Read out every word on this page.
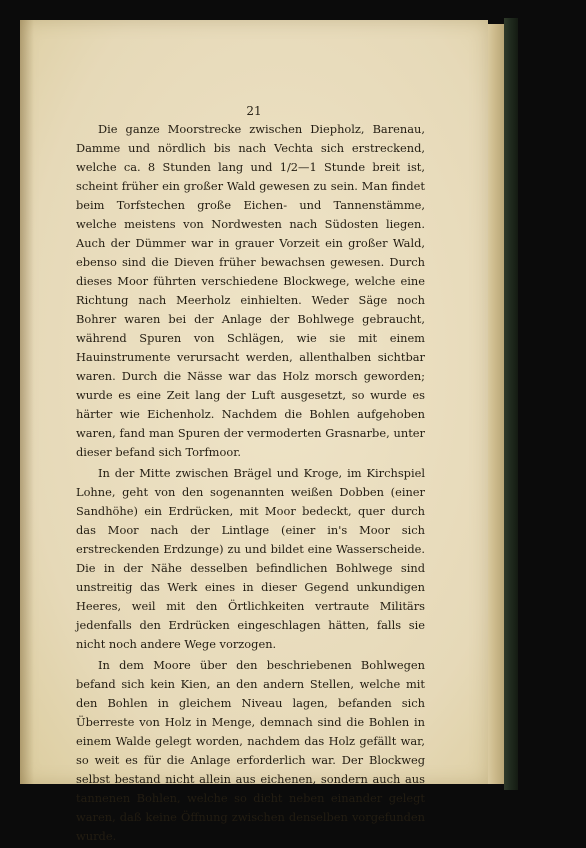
21

Die ganze Moorstrecke zwischen Diepholz, Barenau, Damme und nördlich bis nach Vechta sich erstreckend, welche ca. 8 Stunden lang und 1/2—1 Stunde breit ist, scheint früher ein großer Wald gewesen zu sein. Man findet beim Torfstechen große Eichen- und Tannenstämme, welche meistens von Nordwesten nach Südosten liegen. Auch der Dümmer war in grauer Vorzeit ein großer Wald, ebenso sind die Dieven früher bewachsen gewesen. Durch dieses Moor führten verschiedene Blockwege, welche eine Richtung nach Meerholz einhielten. Weder Säge noch Bohrer waren bei der Anlage der Bohlwege gebraucht, während Spuren von Schlägen, wie sie mit einem Hauinstrumente verursacht werden, allenthalben sichtbar waren. Durch die Nässe war das Holz morsch geworden; wurde es eine Zeit lang der Luft ausgesetzt, so wurde es härter wie Eichenholz. Nachdem die Bohlen aufgehoben waren, fand man Spuren der vermoderten Grasnarbe, unter dieser befand sich Torfmoor.

In der Mitte zwischen Brägel und Kroge, im Kirchspiel Lohne, geht von den sogenannten weißen Dobben (einer Sandhöhe) ein Erdrücken, mit Moor bedeckt, quer durch das Moor nach der Lintlage (einer in's Moor sich erstreckenden Erdzunge) zu und bildet eine Wasserscheide. Die in der Nähe desselben befindlichen Bohlwege sind unstreitig das Werk eines in dieser Gegend unkundigen Heeres, weil mit den Örtlichkeiten vertraute Militärs jedenfalls den Erdrücken eingeschlagen hätten, falls sie nicht noch andere Wege vorzogen.

In dem Moore über den beschriebenen Bohlwegen befand sich kein Kien, an den andern Stellen, welche mit den Bohlen in gleichem Niveau lagen, befanden sich Überreste von Holz in Menge, demnach sind die Bohlen in einem Walde gelegt worden, nachdem das Holz gefällt war, so weit es für die Anlage erforderlich war. Der Blockweg selbst bestand nicht allein aus eichenen, sondern auch aus tannenen Bohlen, welche so dicht neben einander gelegt waren, daß keine Öffnung zwischen denselben vorgefunden wurde.
